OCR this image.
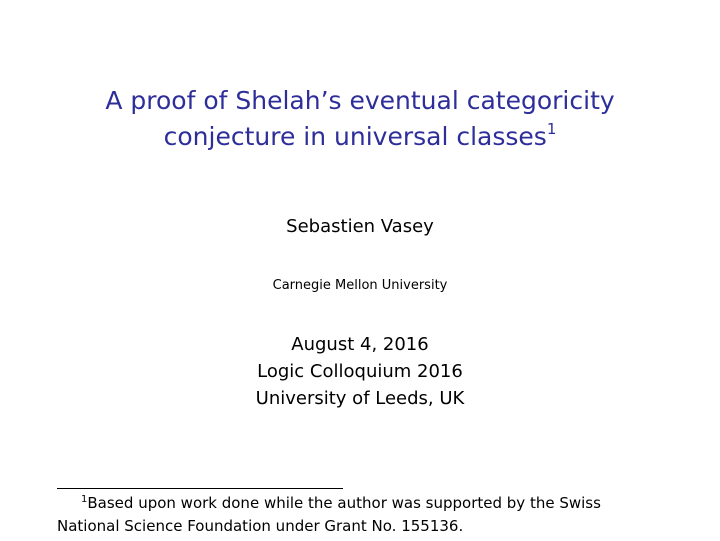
A proof of Shelah’s eventual categoricity
conjecture in universal classes$^1$
Sebastien Vasey
Carnegie Mellon University
August 4, 2016
Logic Colloquium 2016
University of Leeds, UK
$^1$Based upon work done while the author was supported by the Swiss
National Science Foundation under Grant No. 155136.
